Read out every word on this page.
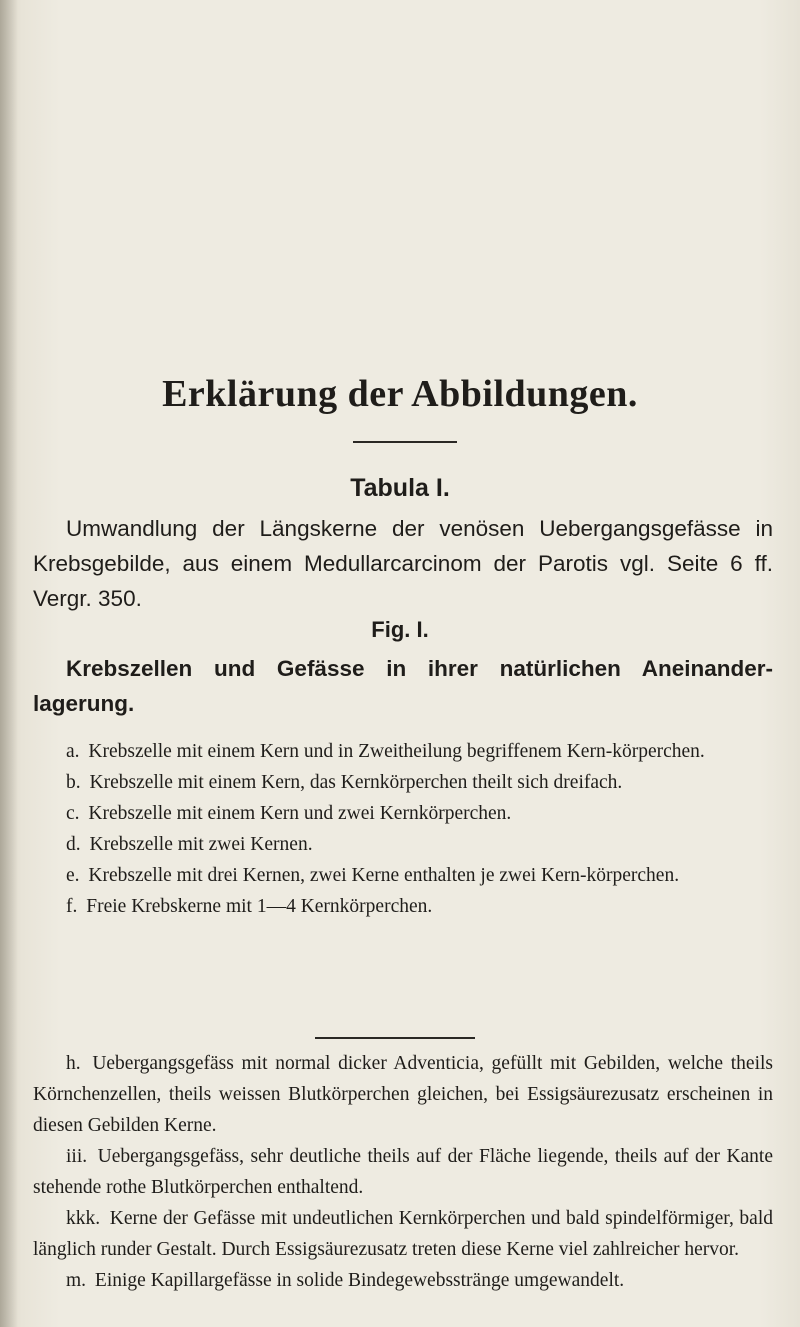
Erklärung der Abbildungen.
Tabula I.
Umwandlung der Längskerne der venösen Uebergangsgefässe in Krebsgebilde, aus einem Medullarcarcinom der Parotis vgl. Seite 6 ff. Vergr. 350.
Fig. I.
Krebszellen und Gefässe in ihrer natürlichen Aneinander-lagerung.
a. Krebszelle mit einem Kern und in Zweitheilung begriffenem Kern-körperchen.
b. Krebszelle mit einem Kern, das Kernkörperchen theilt sich dreifach.
c. Krebszelle mit einem Kern und zwei Kernkörperchen.
d. Krebszelle mit zwei Kernen.
e. Krebszelle mit drei Kernen, zwei Kerne enthalten je zwei Kern-körperchen.
f. Freie Krebskerne mit 1—4 Kernkörperchen.
h. Uebergangsgefäss mit normal dicker Adventicia, gefüllt mit Gebilden, welche theils Körnchenzellen, theils weissen Blutkörperchen gleichen, bei Essigsäurezusatz erscheinen in diesen Gebilden Kerne.
iii. Uebergangsgefäss, sehr deutliche theils auf der Fläche liegende, theils auf der Kante stehende rothe Blutkörperchen enthaltend.
kkk. Kerne der Gefässe mit undeutlichen Kernkörperchen und bald spindelförmiger, bald länglich runder Gestalt. Durch Essigsäurezusatz treten diese Kerne viel zahlreicher hervor.
m. Einige Kapillargefässe in solide Bindegewebsstränge umgewandelt.
